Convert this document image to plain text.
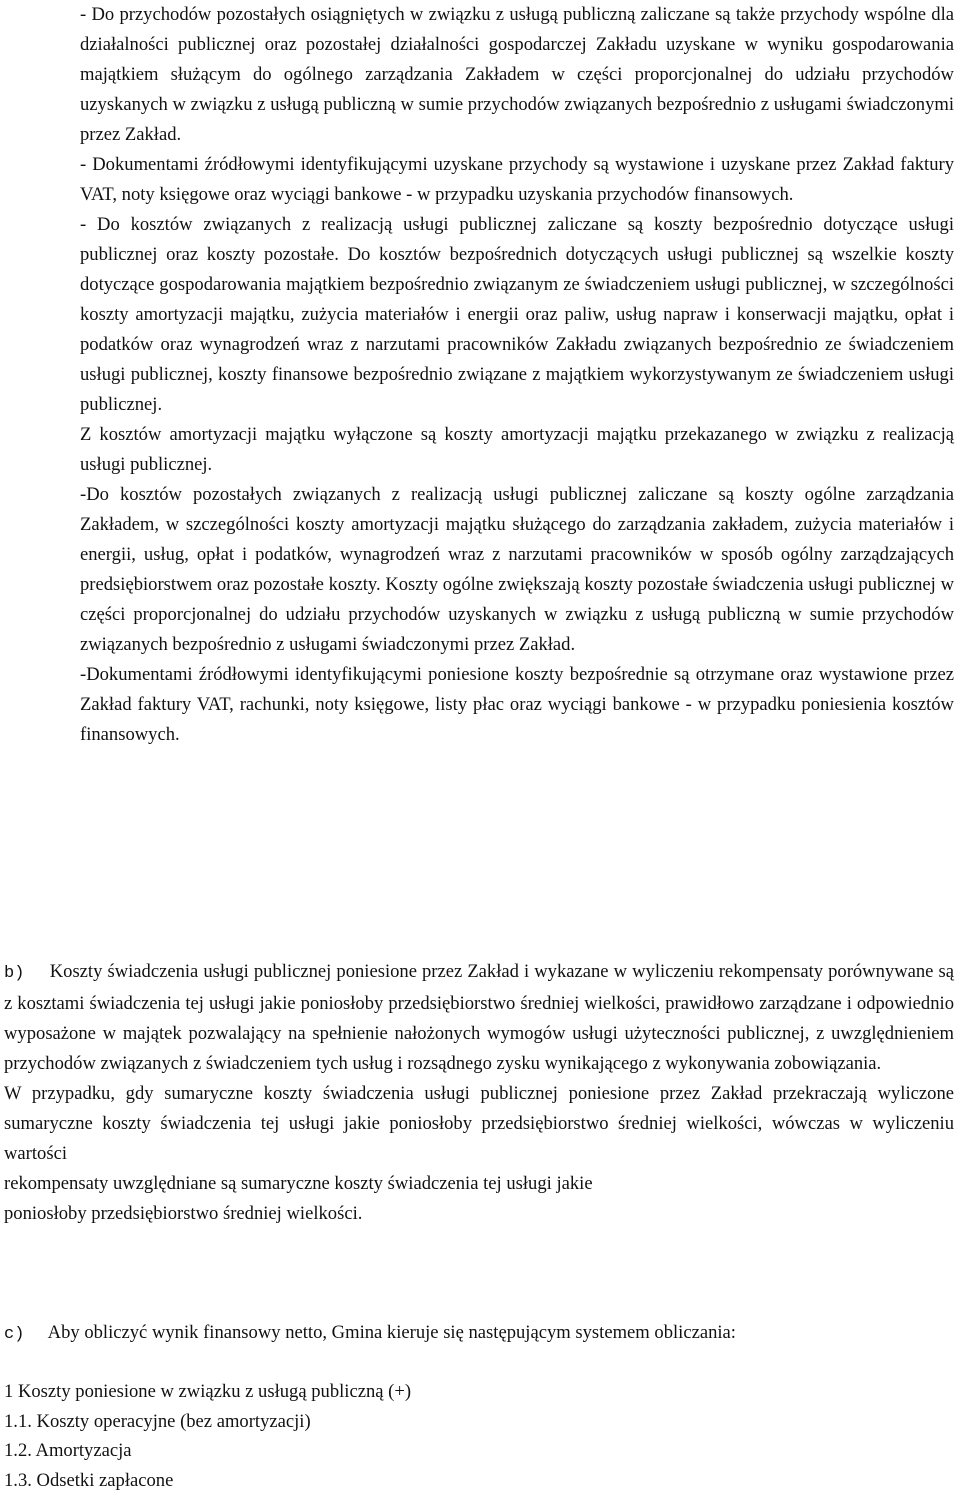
- Do przychodów pozostałych osiągniętych w związku z usługą publiczną zaliczane są także przychody wspólne dla działalności publicznej oraz pozostałej działalności gospodarczej Zakładu uzyskane w wyniku gospodarowania majątkiem służącym do ogólnego zarządzania Zakładem w części proporcjonalnej do udziału przychodów uzyskanych w związku z usługą publiczną w sumie przychodów związanych bezpośrednio z usługami świadczonymi przez Zakład.

- Dokumentami źródłowymi identyfikującymi uzyskane przychody są wystawione i uzyskane przez Zakład faktury VAT, noty księgowe oraz wyciągi bankowe - w przypadku uzyskania przychodów finansowych.

- Do kosztów związanych z realizacją usługi publicznej zaliczane są koszty bezpośrednio dotyczące usługi publicznej oraz koszty pozostałe. Do kosztów bezpośrednich dotyczących usługi publicznej są wszelkie koszty dotyczące gospodarowania majątkiem bezpośrednio związanym ze świadczeniem usługi publicznej, w szczególności koszty amortyzacji majątku, zużycia materiałów i energii oraz paliw, usług napraw i konserwacji majątku, opłat i podatków oraz wynagrodzeń wraz z narzutami pracowników Zakładu związanych bezpośrednio ze świadczeniem usługi publicznej, koszty finansowe bezpośrednio związane z majątkiem wykorzystywanym ze świadczeniem usługi publicznej.

Z kosztów amortyzacji majątku wyłączone są koszty amortyzacji majątku przekazanego w związku z realizacją usługi publicznej.

-Do kosztów pozostałych związanych z realizacją usługi publicznej zaliczane są koszty ogólne zarządzania Zakładem, w szczególności koszty amortyzacji majątku służącego do zarządzania zakładem, zużycia materiałów i energii, usług, opłat i podatków, wynagrodzeń wraz z narzutami pracowników w sposób ogólny zarządzających predsiębiorstwem oraz pozostałe koszty. Koszty ogólne zwiększają koszty pozostałe świadczenia usługi publicznej w części proporcjonalnej do udziału przychodów uzyskanych w związku z usługą publiczną w sumie przychodów związanych bezpośrednio z usługami świadczonymi przez Zakład.

-Dokumentami źródłowymi identyfikującymi poniesione koszty bezpośrednie są otrzymane oraz wystawione przez Zakład faktury VAT, rachunki, noty księgowe, listy płac oraz wyciągi bankowe - w przypadku poniesienia kosztów finansowych.

b) Koszty świadczenia usługi publicznej poniesione przez Zakład i wykazane w wyliczeniu rekompensaty porównywane są z kosztami świadczenia tej usługi jakie poniosłoby przedsiębiorstwo średniej wielkości, prawidłowo zarządzane i odpowiednio wyposażone w majątek pozwalający na spełnienie nałożonych wymogów usługi użyteczności publicznej, z uwzględnieniem przychodów związanych z świadczeniem tych usług i rozsądnego zysku wynikającego z wykonywania zobowiązania.

W przypadku, gdy sumaryczne koszty świadczenia usługi publicznej poniesione przez Zakład przekraczają wyliczone sumaryczne koszty świadczenia tej usługi jakie poniosłoby przedsiębiorstwo średniej wielkości, wówczas w wyliczeniu wartości

rekompensaty uwzględniane są sumaryczne koszty świadczenia tej usługi jakie

poniosłoby przedsiębiorstwo średniej wielkości.

c) Aby obliczyć wynik finansowy netto, Gmina kieruje się następującym systemem obliczania:

1 Koszty poniesione w związku z usługą publiczną (+)
1.1. Koszty operacyjne (bez amortyzacji)
1.2. Amortyzacja
1.3. Odsetki zapłacone
